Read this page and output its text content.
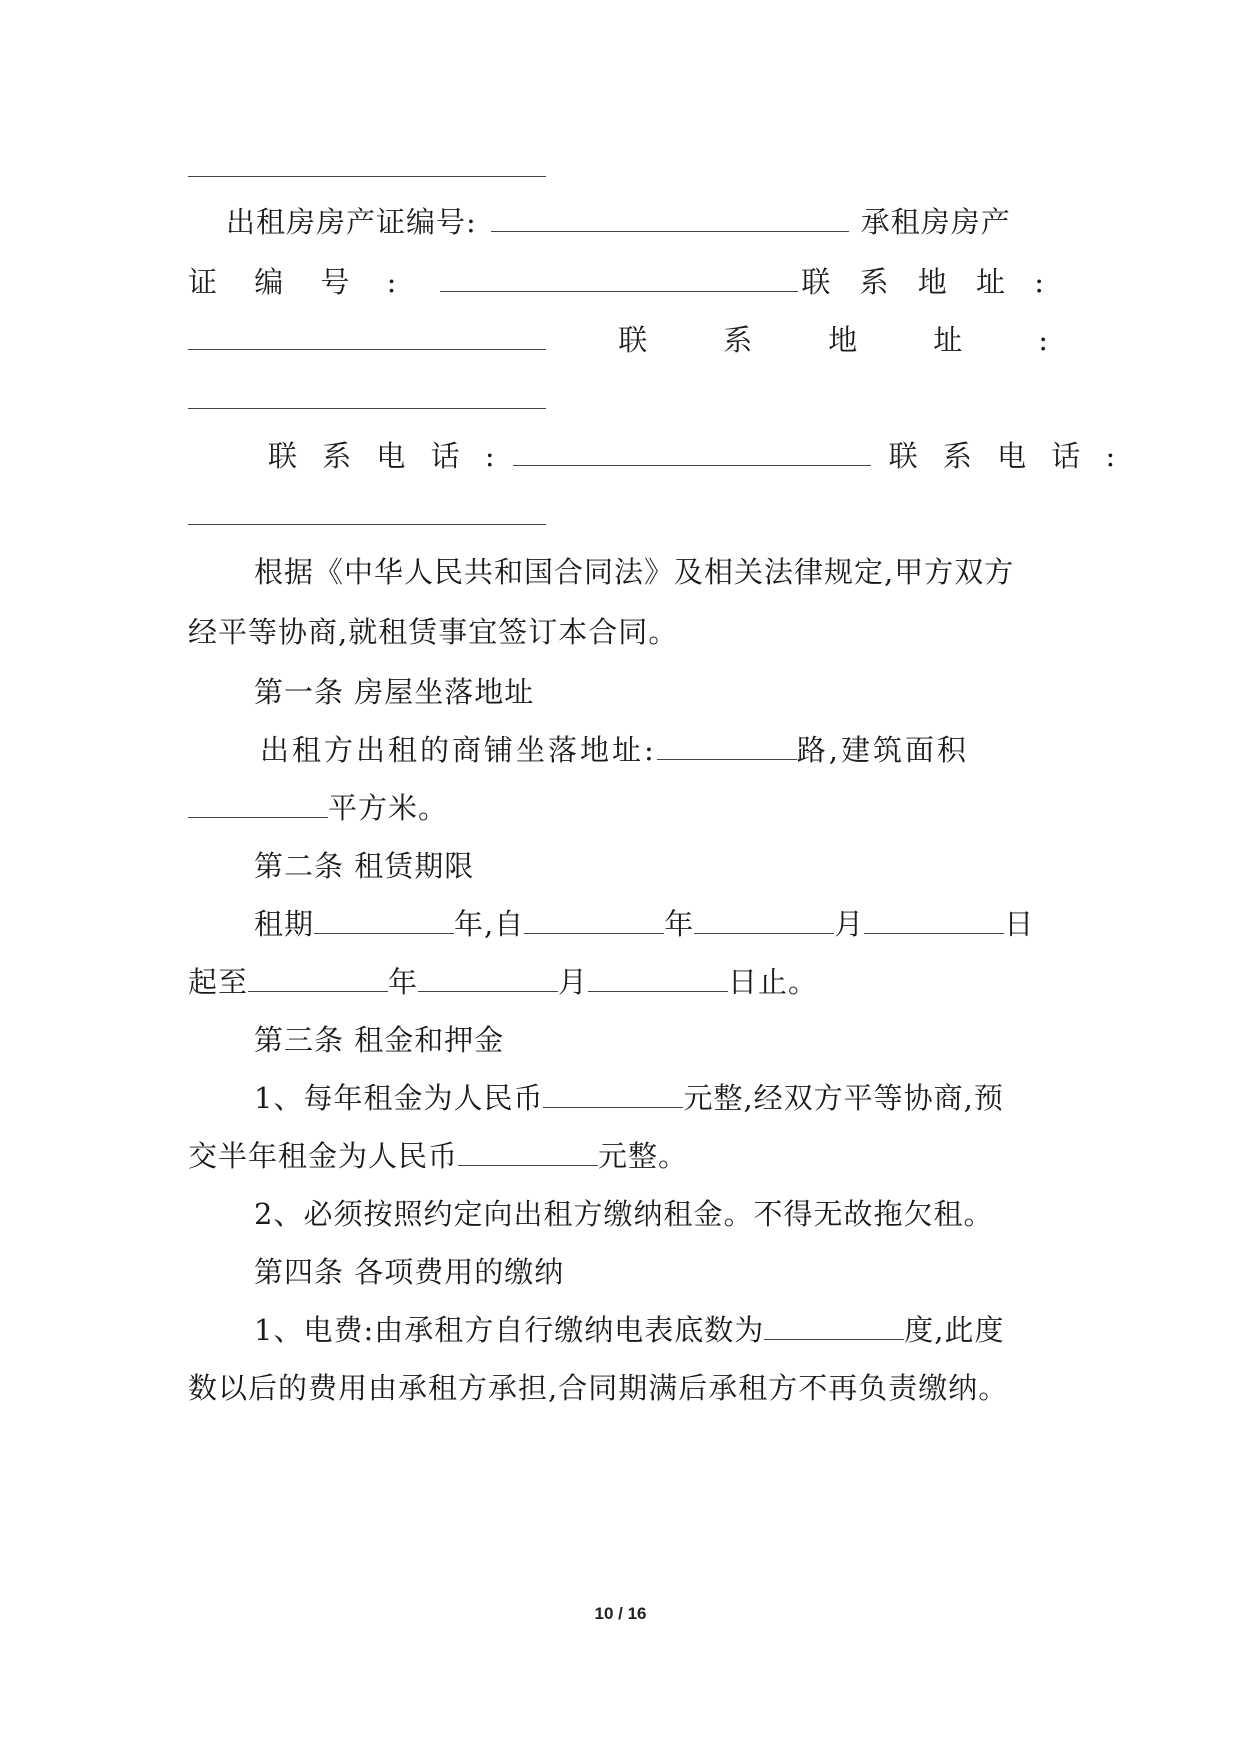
出租房房产证编号:	承租房房产
证 编 号 :	联 系 地 址 :
联　　系　　地　　址　　:
联 系 电 话 :	联 系 电 话 :
根据《中华人民共和国合同法》及相关法律规定,甲方双方
经平等协商,就租赁事宜签订本合同。
第一条 房屋坐落地址
出租方出租的商铺坐落地址:	路,建筑面积
平方米。
第二条 租赁期限
租期	年,自	年	月	日
起至	年	月	日止。
第三条 租金和押金
1、每年租金为人民币	元整,经双方平等协商,预
交半年租金为人民币	元整。
2、必须按照约定向出租方缴纳租金。不得无故拖欠租。
第四条 各项费用的缴纳
1、电费:由承租方自行缴纳电表底数为	度,此度
数以后的费用由承租方承担,合同期满后承租方不再负责缴纳。
10 / 16
